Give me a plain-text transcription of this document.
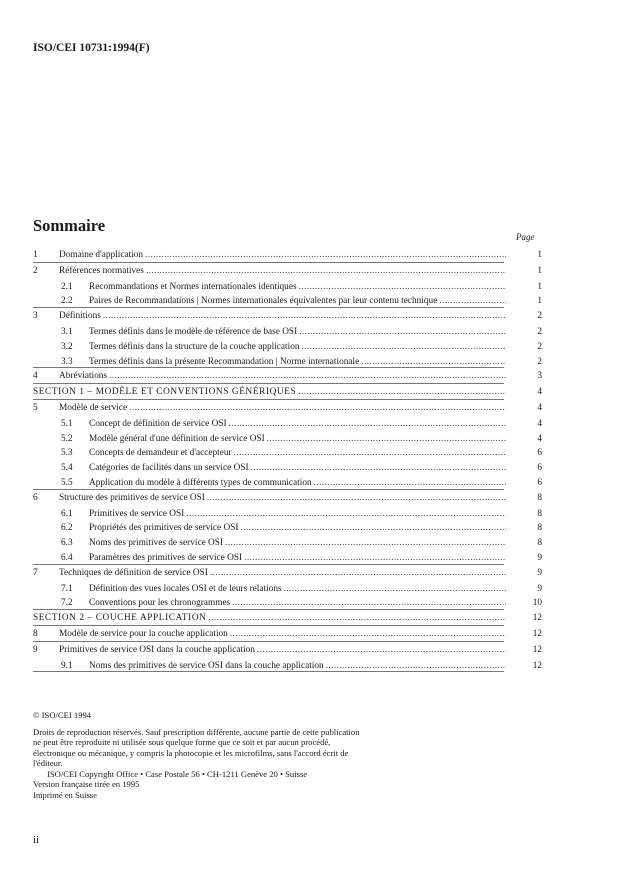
ISO/CEI 10731:1994(F)
Sommaire
Page
1	Domaine d'application .....	1
2	Références normatives .....	1
2.1	Recommandations et Normes internationales identiques .....	1
2.2	Paires de Recommandations | Normes internationales équivalentes par leur contenu technique .....	1
3	Définitions .....	2
3.1	Termes définis dans le modèle de référence de base OSI .....	2
3.2	Termes définis dans la structure de la couche application .....	2
3.3	Termes définis dans la présente Recommandation | Norme internationale .....	2
4	Abréviations .....	3
SECTION 1 – MODÈLE ET CONVENTIONS GÉNÉRIQUES .....	4
5	Modèle de service .....	4
5.1	Concept de définition de service OSI .....	4
5.2	Modèle général d'une définition de service OSI .....	4
5.3	Concepts de demandeur et d'accepteur .....	6
5.4	Catégories de facilités dans un service OSI .....	6
5.5	Application du modèle à différents types de communication .....	6
6	Structure des primitives de service OSI .....	8
6.1	Primitives de service OSI .....	8
6.2	Propriétés des primitives de service OSI .....	8
6.3	Noms des primitives de service OSI .....	8
6.4	Paramètres des primitives de service OSI .....	9
7	Techniques de définition de service OSI .....	9
7.1	Définition des vues locales OSI et de leurs relations .....	9
7.2	Conventions pour les chronogrammes .....	10
SECTION 2 – COUCHE APPLICATION .....	12
8	Modèle de service pour la couche application .....	12
9	Primitives de service OSI dans la couche application .....	12
9.1	Noms des primitives de service OSI dans la couche application .....	12

© ISO/CEI 1994

Droits de reproduction réservés. Sauf prescription différente, aucune partie de cette publication ne peut être reproduite ni utilisée sous quelque forme que ce soit et par aucun procédé, électronique ou mécanique, y compris la photocopie et les microfilms, sans l'accord écrit de l'éditeur.

ISO/CEI Copyright Office • Case Postale 56 • CH-1211 Genève 20 • Suisse

Version française tirée en 1995

Imprimé en Suisse

ii
